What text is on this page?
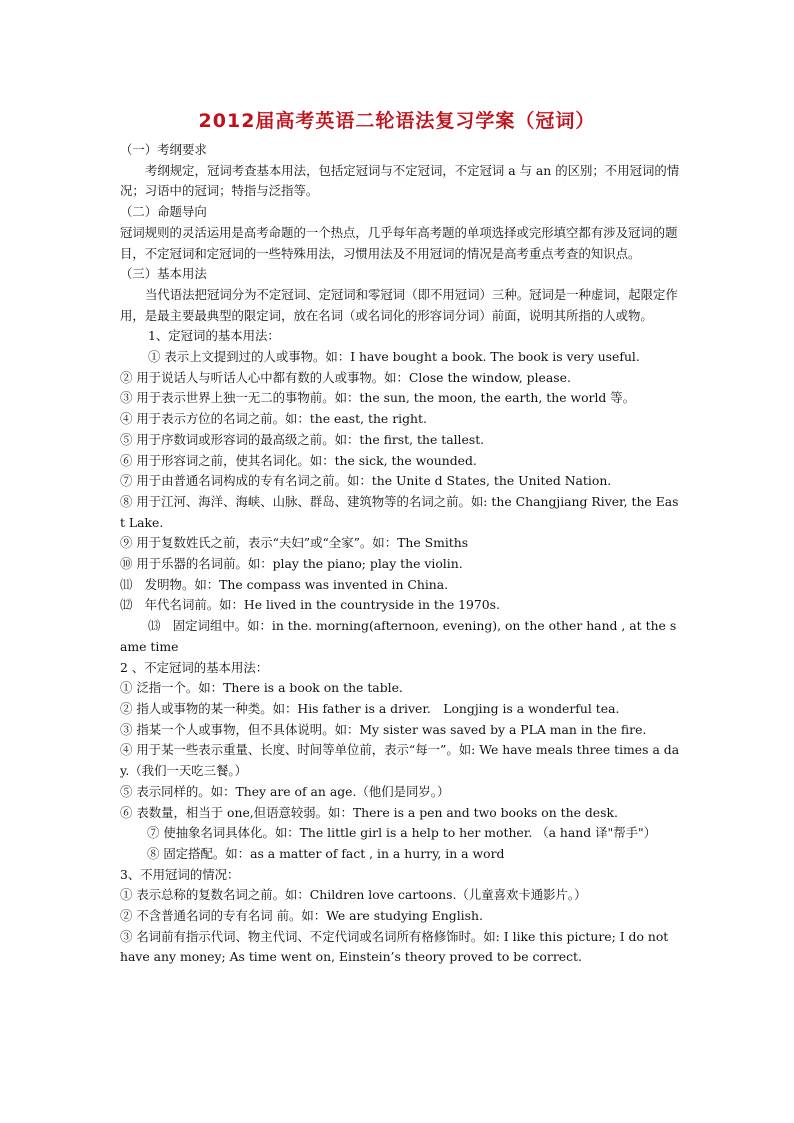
2012届高考英语二轮语法复习学案（冠词）

（一）考纲要求

考纲规定，冠词考查基本用法，包括定冠词与不定冠词，不定冠词 a 与 an 的区别；不用冠词的情况；习语中的冠词；特指与泛指等。

（二）命题导向

冠词规则的灵活运用是高考命题的一个热点，几乎每年高考题的单项选择或完形填空都有涉及冠词的题目，不定冠词和定冠词的一些特殊用法，习惯用法及不用冠词的情况是高考重点考查的知识点。

（三）基本用法

当代语法把冠词分为不定冠词、定冠词和零冠词（即不用冠词）三种。冠词是一种虚词，起限定作用，是最主要最典型的限定词，放在名词（或名词化的形容词分词）前面，说明其所指的人或物。

1、定冠词的基本用法：

① 表示上文提到过的人或事物。如：I have bought a book. The book is very useful.

② 用于说话人与听话人心中都有数的人或事物。如：Close the window, please.

③ 用于表示世界上独一无二的事物前。如：the sun, the moon, the earth, the world 等。

④ 用于表示方位的名词之前。如：the east, the right.

⑤ 用于序数词或形容词的最高级之前。如：the first, the tallest.

⑥ 用于形容词之前，使其名词化。如：the sick, the wounded.

⑦ 用于由普通名词构成的专有名词之前。如：the Unite d States, the United Nation.

⑧ 用于江河、海洋、海峡、山脉、群岛、建筑物等的名词之前。如: the Changjiang River, the East Lake.

⑨ 用于复数姓氏之前，表示“夫妇”或“全家”。如：The Smiths

⑩ 用于乐器的名词前。如：play the piano; play the violin.

⑾　发明物。如：The compass was invented in China.

⑿　年代名词前。如：He lived in the countryside in the 1970s.

⒀　固定词组中。如：in the. morning(afternoon, evening), on the other hand , at the same time

2 、不定冠词的基本用法：

① 泛指一个。如：There is a book on the table.

② 指人或事物的某一种类。如：His father is a driver.　Longjing is a wonderful tea.

③ 指某一个人或事物，但不具体说明。如：My sister was saved by a PLA man in the fire.

④ 用于某一些表示重量、长度、时间等单位前，表示“每一”。如: We have meals three times a day.（我们一天吃三餐。）

⑤ 表示同样的。如：They are of an age.（他们是同岁。）

⑥ 表数量，相当于 one,但语意较弱。如：There is a pen and two books on the desk.

⑦ 使抽象名词具体化。如：The little girl is a help to her mother. （a hand 译"帮手"）

⑧ 固定搭配。如：as a matter of fact , in a hurry, in a word

3、不用冠词的情况：

① 表示总称的复数名词之前。如：Children love cartoons.（儿童喜欢卡通影片。）

② 不含普通名词的专有名词 前。如：We are studying English.

③ 名词前有指示代词、物主代词、不定代词或名词所有格修饰时。如: I like this picture; I do not have any money; As time went on, Einstein’s theory proved to be correct.
